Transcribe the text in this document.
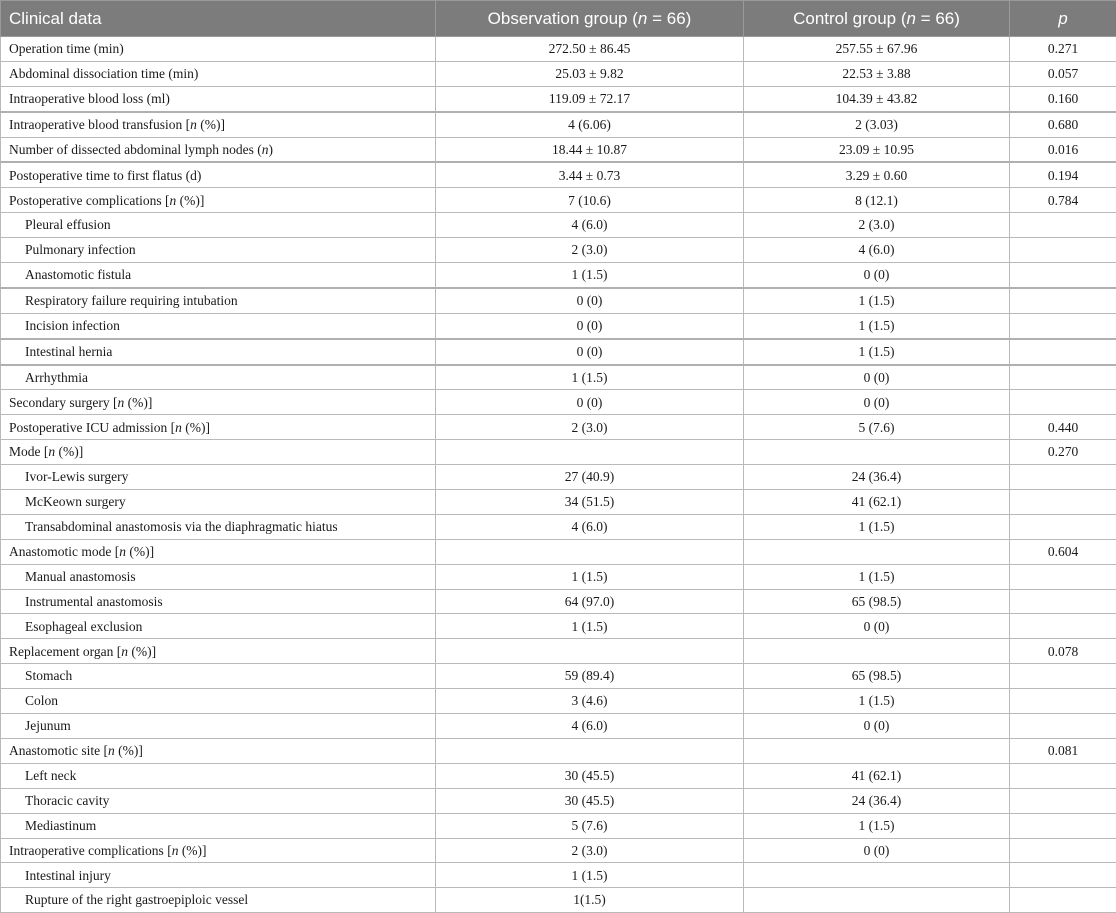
Clinical data	Observation group (n = 66)	Control group (n = 66)	p
Operation time (min)	272.50 ± 86.45	257.55 ± 67.96	0.271
Abdominal dissociation time (min)	25.03 ± 9.82	22.53 ± 3.88	0.057
Intraoperative blood loss (ml)	119.09 ± 72.17	104.39 ± 43.82	0.160
Intraoperative blood transfusion [n (%)]	4 (6.06)	2 (3.03)	0.680
Number of dissected abdominal lymph nodes (n)	18.44 ± 10.87	23.09 ± 10.95	0.016
Postoperative time to first flatus (d)	3.44 ± 0.73	3.29 ± 0.60	0.194
Postoperative complications [n (%)]	7 (10.6)	8 (12.1)	0.784
Pleural effusion	4 (6.0)	2 (3.0)	
Pulmonary infection	2 (3.0)	4 (6.0)	
Anastomotic fistula	1 (1.5)	0 (0)	
Respiratory failure requiring intubation	0 (0)	1 (1.5)	
Incision infection	0 (0)	1 (1.5)	
Intestinal hernia	0 (0)	1 (1.5)	
Arrhythmia	1 (1.5)	0 (0)	
Secondary surgery [n (%)]	0 (0)	0 (0)	
Postoperative ICU admission [n (%)]	2 (3.0)	5 (7.6)	0.440
Mode [n (%)]			0.270
Ivor-Lewis surgery	27 (40.9)	24 (36.4)	
McKeown surgery	34 (51.5)	41 (62.1)	
Transabdominal anastomosis via the diaphragmatic hiatus	4 (6.0)	1 (1.5)	
Anastomotic mode [n (%)]			0.604
Manual anastomosis	1 (1.5)	1 (1.5)	
Instrumental anastomosis	64 (97.0)	65 (98.5)	
Esophageal exclusion	1 (1.5)	0 (0)	
Replacement organ [n (%)]			0.078
Stomach	59 (89.4)	65 (98.5)	
Colon	3 (4.6)	1 (1.5)	
Jejunum	4 (6.0)	0 (0)	
Anastomotic site [n (%)]			0.081
Left neck	30 (45.5)	41 (62.1)	
Thoracic cavity	30 (45.5)	24 (36.4)	
Mediastinum	5 (7.6)	1 (1.5)	
Intraoperative complications [n (%)]	2 (3.0)	0 (0)	
Intestinal injury	1 (1.5)		
Rupture of the right gastroepiploic vessel	1(1.5)		
